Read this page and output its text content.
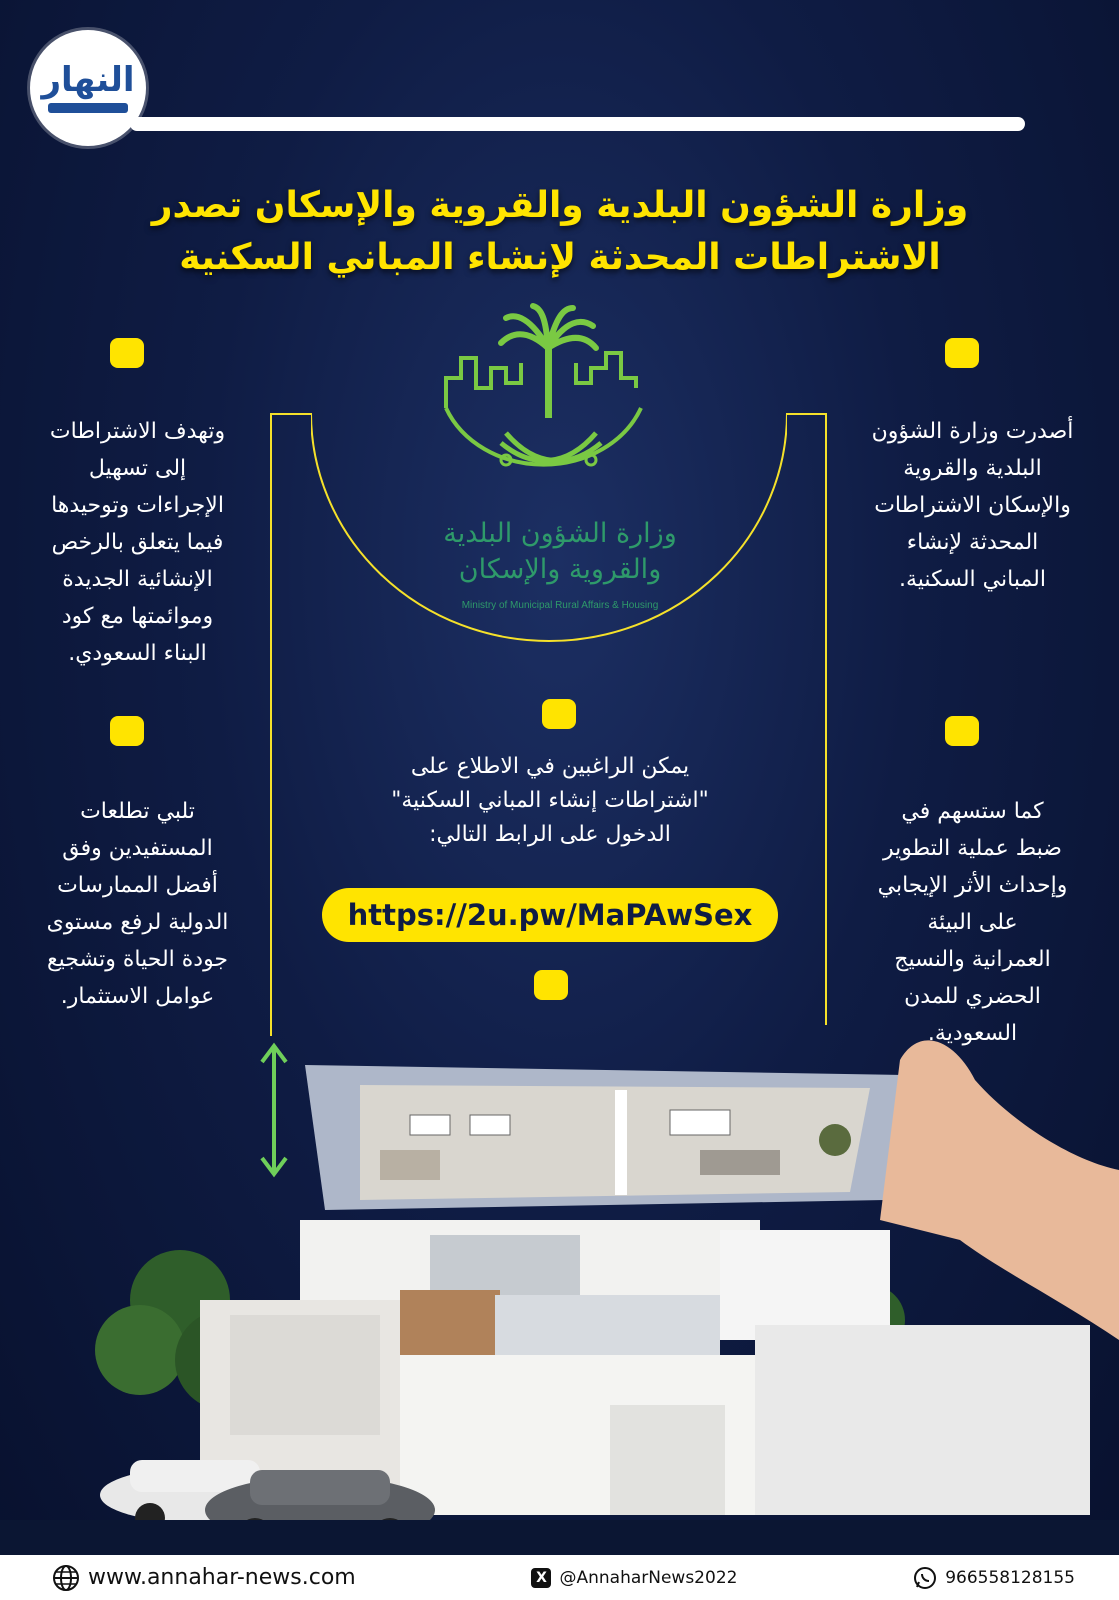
النهار
وزارة الشؤون البلدية والقروية والإسكان تصدر
الاشتراطات المحدثة لإنشاء المباني السكنية
أصدرت وزارة الشؤون
البلدية والقروية
والإسكان الاشتراطات
المحدثة لإنشاء
المباني السكنية.
وتهدف الاشتراطات
إلى تسهيل
الإجراءات وتوحيدها
فيما يتعلق بالرخص
الإنشائية الجديدة
وموائمتها مع كود
البناء السعودي.
كما ستسهم في
ضبط عملية التطوير
وإحداث الأثر الإيجابي
على البيئة
العمرانية والنسيج
الحضري للمدن
السعودية.
تلبي تطلعات
المستفيدين وفق
أفضل الممارسات
الدولية لرفع مستوى
جودة الحياة وتشجيع
عوامل الاستثمار.
وزارة الشؤون البلدية
والقروية والإسكان
Ministry of Municipal Rural Affairs & Housing
يمكن الراغبين في الاطلاع على
"اشتراطات إنشاء المباني السكنية"
الدخول على الرابط التالي:
https://2u.pw/MaPAwSex
www.annahar-news.com	X @AnnaharNews2022	966558128155
